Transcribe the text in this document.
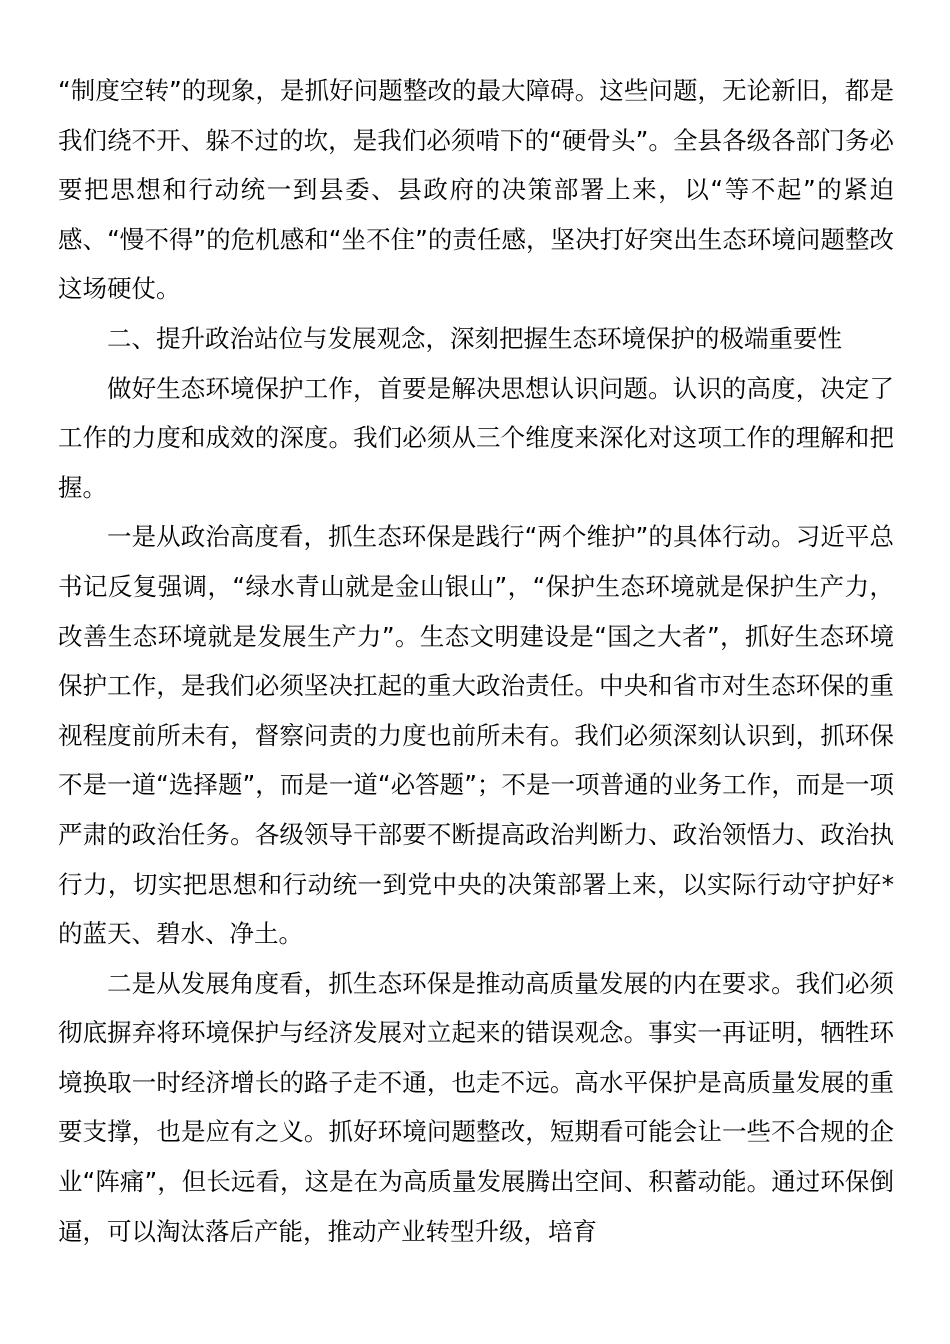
“制度空转”的现象，是抓好问题整改的最大障碍。这些问题，无论新旧，都是我们绕不开、躲不过的坎，是我们必须啃下的“硬骨头”。全县各级各部门务必要把思想和行动统一到县委、县政府的决策部署上来，以“等不起”的紧迫感、“慢不得”的危机感和“坐不住”的责任感，坚决打好突出生态环境问题整改这场硬仗。

二、提升政治站位与发展观念，深刻把握生态环境保护的极端重要性

做好生态环境保护工作，首要是解决思想认识问题。认识的高度，决定了工作的力度和成效的深度。我们必须从三个维度来深化对这项工作的理解和把握。

一是从政治高度看，抓生态环保是践行“两个维护”的具体行动。习近平总书记反复强调，“绿水青山就是金山银山”，“保护生态环境就是保护生产力，改善生态环境就是发展生产力”。生态文明建设是“国之大者”，抓好生态环境保护工作，是我们必须坚决扛起的重大政治责任。中央和省市对生态环保的重视程度前所未有，督察问责的力度也前所未有。我们必须深刻认识到，抓环保不是一道“选择题”，而是一道“必答题”；不是一项普通的业务工作，而是一项严肃的政治任务。各级领导干部要不断提高政治判断力、政治领悟力、政治执行力，切实把思想和行动统一到党中央的决策部署上来，以实际行动守护好*的蓝天、碧水、净土。

二是从发展角度看，抓生态环保是推动高质量发展的内在要求。我们必须彻底摒弃将环境保护与经济发展对立起来的错误观念。事实一再证明，牺牲环境换取一时经济增长的路子走不通，也走不远。高水平保护是高质量发展的重要支撑，也是应有之义。抓好环境问题整改，短期看可能会让一些不合规的企业“阵痛”，但长远看，这是在为高质量发展腾出空间、积蓄动能。通过环保倒逼，可以淘汰落后产能，推动产业转型升级，培育
